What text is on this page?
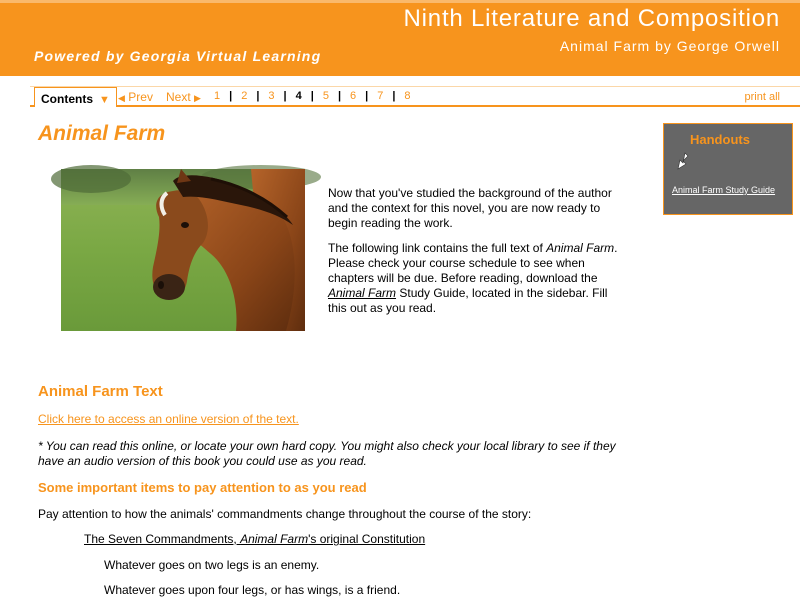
Ninth Literature and Composition
Animal Farm by George Orwell
Powered by Georgia Virtual Learning
Contents ▼ ◀ Prev Next ▶ 1 | 2 | 3 | 4 | 5 | 6 | 7 | 8	print all
Animal Farm

Now that you've studied the background of the author and the context for this novel, you are now ready to begin reading the work.

The following link contains the full text of Animal Farm. Please check your course schedule to see when chapters will be due. Before reading, download the Animal Farm Study Guide, located in the sidebar. Fill this out as you read.

Handouts
Animal Farm Study Guide
Animal Farm Text
Click here to access an online version of the text.
* You can read this online, or locate your own hard copy. You might also check your local library to see if they have an audio version of this book you could use as you read.
Some important items to pay attention to as you read
Pay attention to how the animals' commandments change throughout the course of the story:
The Seven Commandments, Animal Farm's original Constitution
Whatever goes on two legs is an enemy.
Whatever goes upon four legs, or has wings, is a friend.
